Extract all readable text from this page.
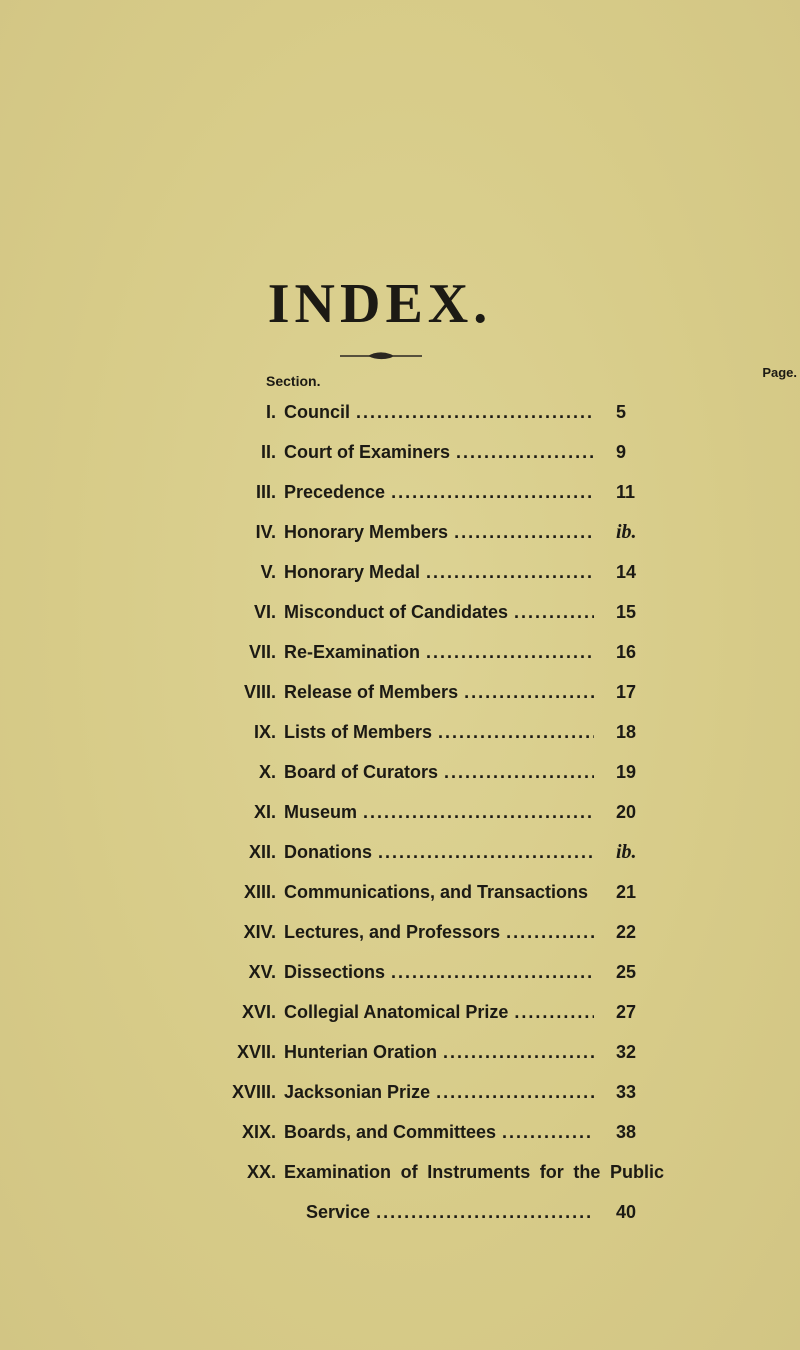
INDEX.
Section.
Page.
I. Council .....	5
II. Court of Examiners .....	9
III. Precedence .....	11
IV. Honorary Members .....	ib.
V. Honorary Medal .....	14
VI. Misconduct of Candidates .....	15
VII. Re-Examination .....	16
VIII. Release of Members .....	17
IX. Lists of Members .....	18
X. Board of Curators .....	19
XI. Museum .....	20
XII. Donations .....	ib.
XIII. Communications, and Transactions 21
XIV. Lectures, and Professors .....	22
XV. Dissections .....	25
XVI. Collegial Anatomical Prize .....	27
XVII. Hunterian Oration .....	32
XVIII. Jacksonian Prize .....	33
XIX. Boards, and Committees .....	38
XX. Examination of Instruments for the Public
Service .....	40
